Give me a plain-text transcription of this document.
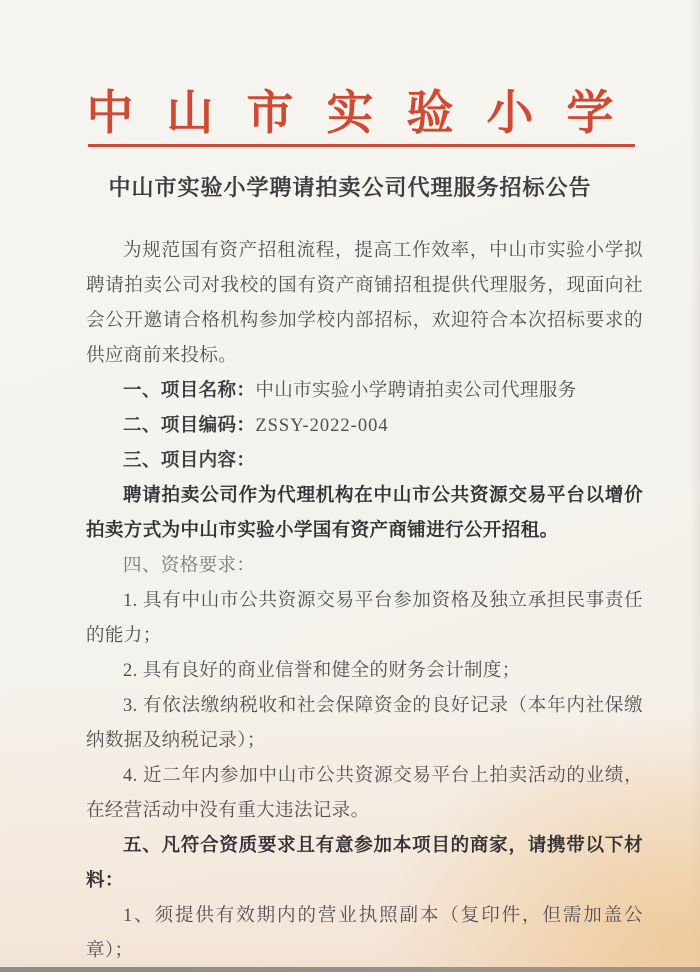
中山市实验小学
中山市实验小学聘请拍卖公司代理服务招标公告

为规范国有资产招租流程，提高工作效率，中山市实验小学拟聘请拍卖公司对我校的国有资产商铺招租提供代理服务，现面向社会公开邀请合格机构参加学校内部招标，欢迎符合本次招标要求的供应商前来投标。

一、项目名称：中山市实验小学聘请拍卖公司代理服务

二、项目编码：ZSSY-2022-004

三、项目内容：

聘请拍卖公司作为代理机构在中山市公共资源交易平台以增价拍卖方式为中山市实验小学国有资产商铺进行公开招租。

四、资格要求：

1. 具有中山市公共资源交易平台参加资格及独立承担民事责任的能力；

2. 具有良好的商业信誉和健全的财务会计制度；

3. 有依法缴纳税收和社会保障资金的良好记录（本年内社保缴纳数据及纳税记录）；

4. 近二年内参加中山市公共资源交易平台上拍卖活动的业绩，在经营活动中没有重大违法记录。

五、凡符合资质要求且有意参加本项目的商家，请携带以下材料：

1、须提供有效期内的营业执照副本（复印件，但需加盖公章）；
